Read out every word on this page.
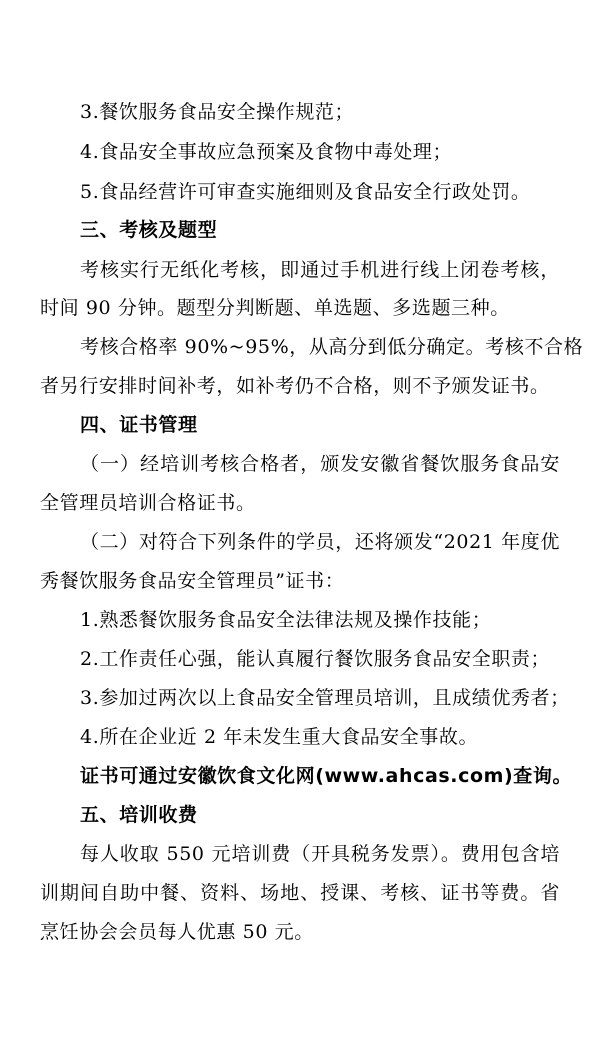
3.餐饮服务食品安全操作规范；
4.食品安全事故应急预案及食物中毒处理；
5.食品经营许可审查实施细则及食品安全行政处罚。
三、考核及题型
考核实行无纸化考核，即通过手机进行线上闭卷考核，
时间 90 分钟。题型分判断题、单选题、多选题三种。
考核合格率 90%~95%，从高分到低分确定。考核不合格
者另行安排时间补考，如补考仍不合格，则不予颁发证书。
四、证书管理
（一）经培训考核合格者，颁发安徽省餐饮服务食品安
全管理员培训合格证书。
（二）对符合下列条件的学员，还将颁发“2021 年度优
秀餐饮服务食品安全管理员”证书：
1.熟悉餐饮服务食品安全法律法规及操作技能；
2.工作责任心强，能认真履行餐饮服务食品安全职责；
3.参加过两次以上食品安全管理员培训，且成绩优秀者；
4.所在企业近 2 年未发生重大食品安全事故。
证书可通过安徽饮食文化网(www.ahcas.com)查询。
五、培训收费
每人收取 550 元培训费（开具税务发票）。费用包含培
训期间自助中餐、资料、场地、授课、考核、证书等费。省
烹饪协会会员每人优惠 50 元。
